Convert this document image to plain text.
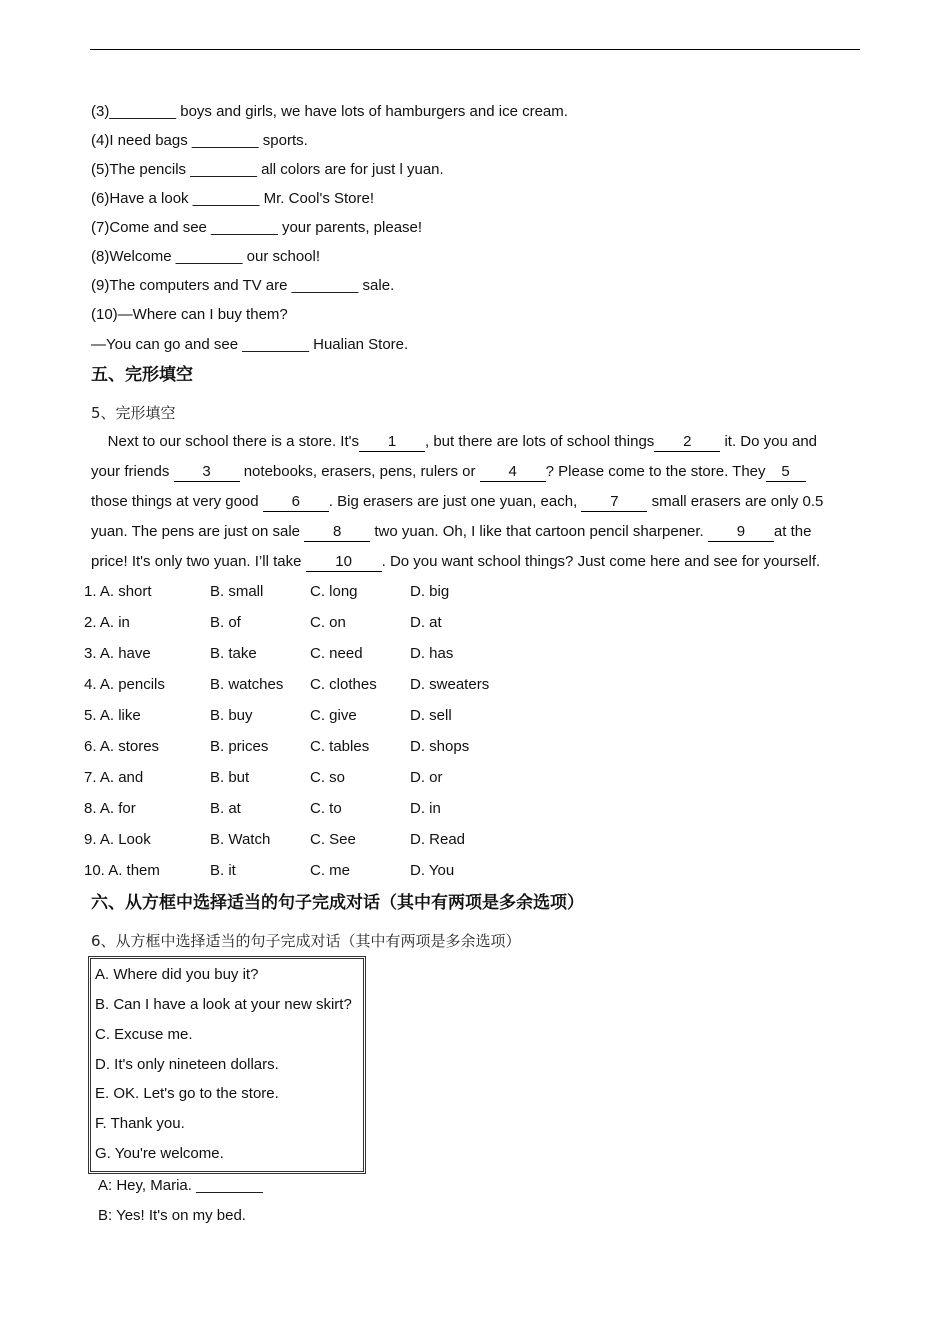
(3)________ boys and girls, we have lots of hamburgers and ice cream.
(4)I need bags ________ sports.
(5)The pencils ________ all colors are for just l yuan.
(6)Have a look ________ Mr. Cool's Store!
(7)Come and see ________ your parents, please!
(8)Welcome ________ our school!
(9)The computers and TV are ________ sale.
(10)—Where can I buy them?
—You can go and see ________ Hualian Store.
五、完形填空
5、完形填空
Next to our school there is a store. It's 1 , but there are lots of school things 2 it. Do you and
your friends 3 notebooks, erasers, pens, rulers or 4 ? Please come to the store. They 5
those things at very good 6 . Big erasers are just one yuan, each, 7 small erasers are only 0.5
yuan. The pens are just on sale 8 two yuan. Oh, I like that cartoon pencil sharpener. 9 at the
price! It's only two yuan. I’ll take 10 . Do you want school things? Just come here and see for yourself.
1. A. short	B. small	C. long	D. big
2. A. in	B. of	C. on	D. at
3. A. have	B. take	C. need	D. has
4. A. pencils	B. watches C. clothes D. sweaters
5. A. like	B. buy	C. give	D. sell
6. A. stores	B. prices	C. tables	D. shops
7. A. and	B. but	C. so	D. or
8. A. for	B. at	C. to	D. in
9. A. Look	B. Watch	C. See	D. Read
10. A. them	B. it	C. me	D. You
六、从方框中选择适当的句子完成对话（其中有两项是多余选项）
6、从方框中选择适当的句子完成对话（其中有两项是多余选项）
A. Where did you buy it?
B. Can I have a look at your new skirt?
C. Excuse me.
D. It's only nineteen dollars.
E. OK. Let's go to the store.
F. Thank you.
G. You're welcome.
A: Hey, Maria. ________
B: Yes! It's on my bed.
